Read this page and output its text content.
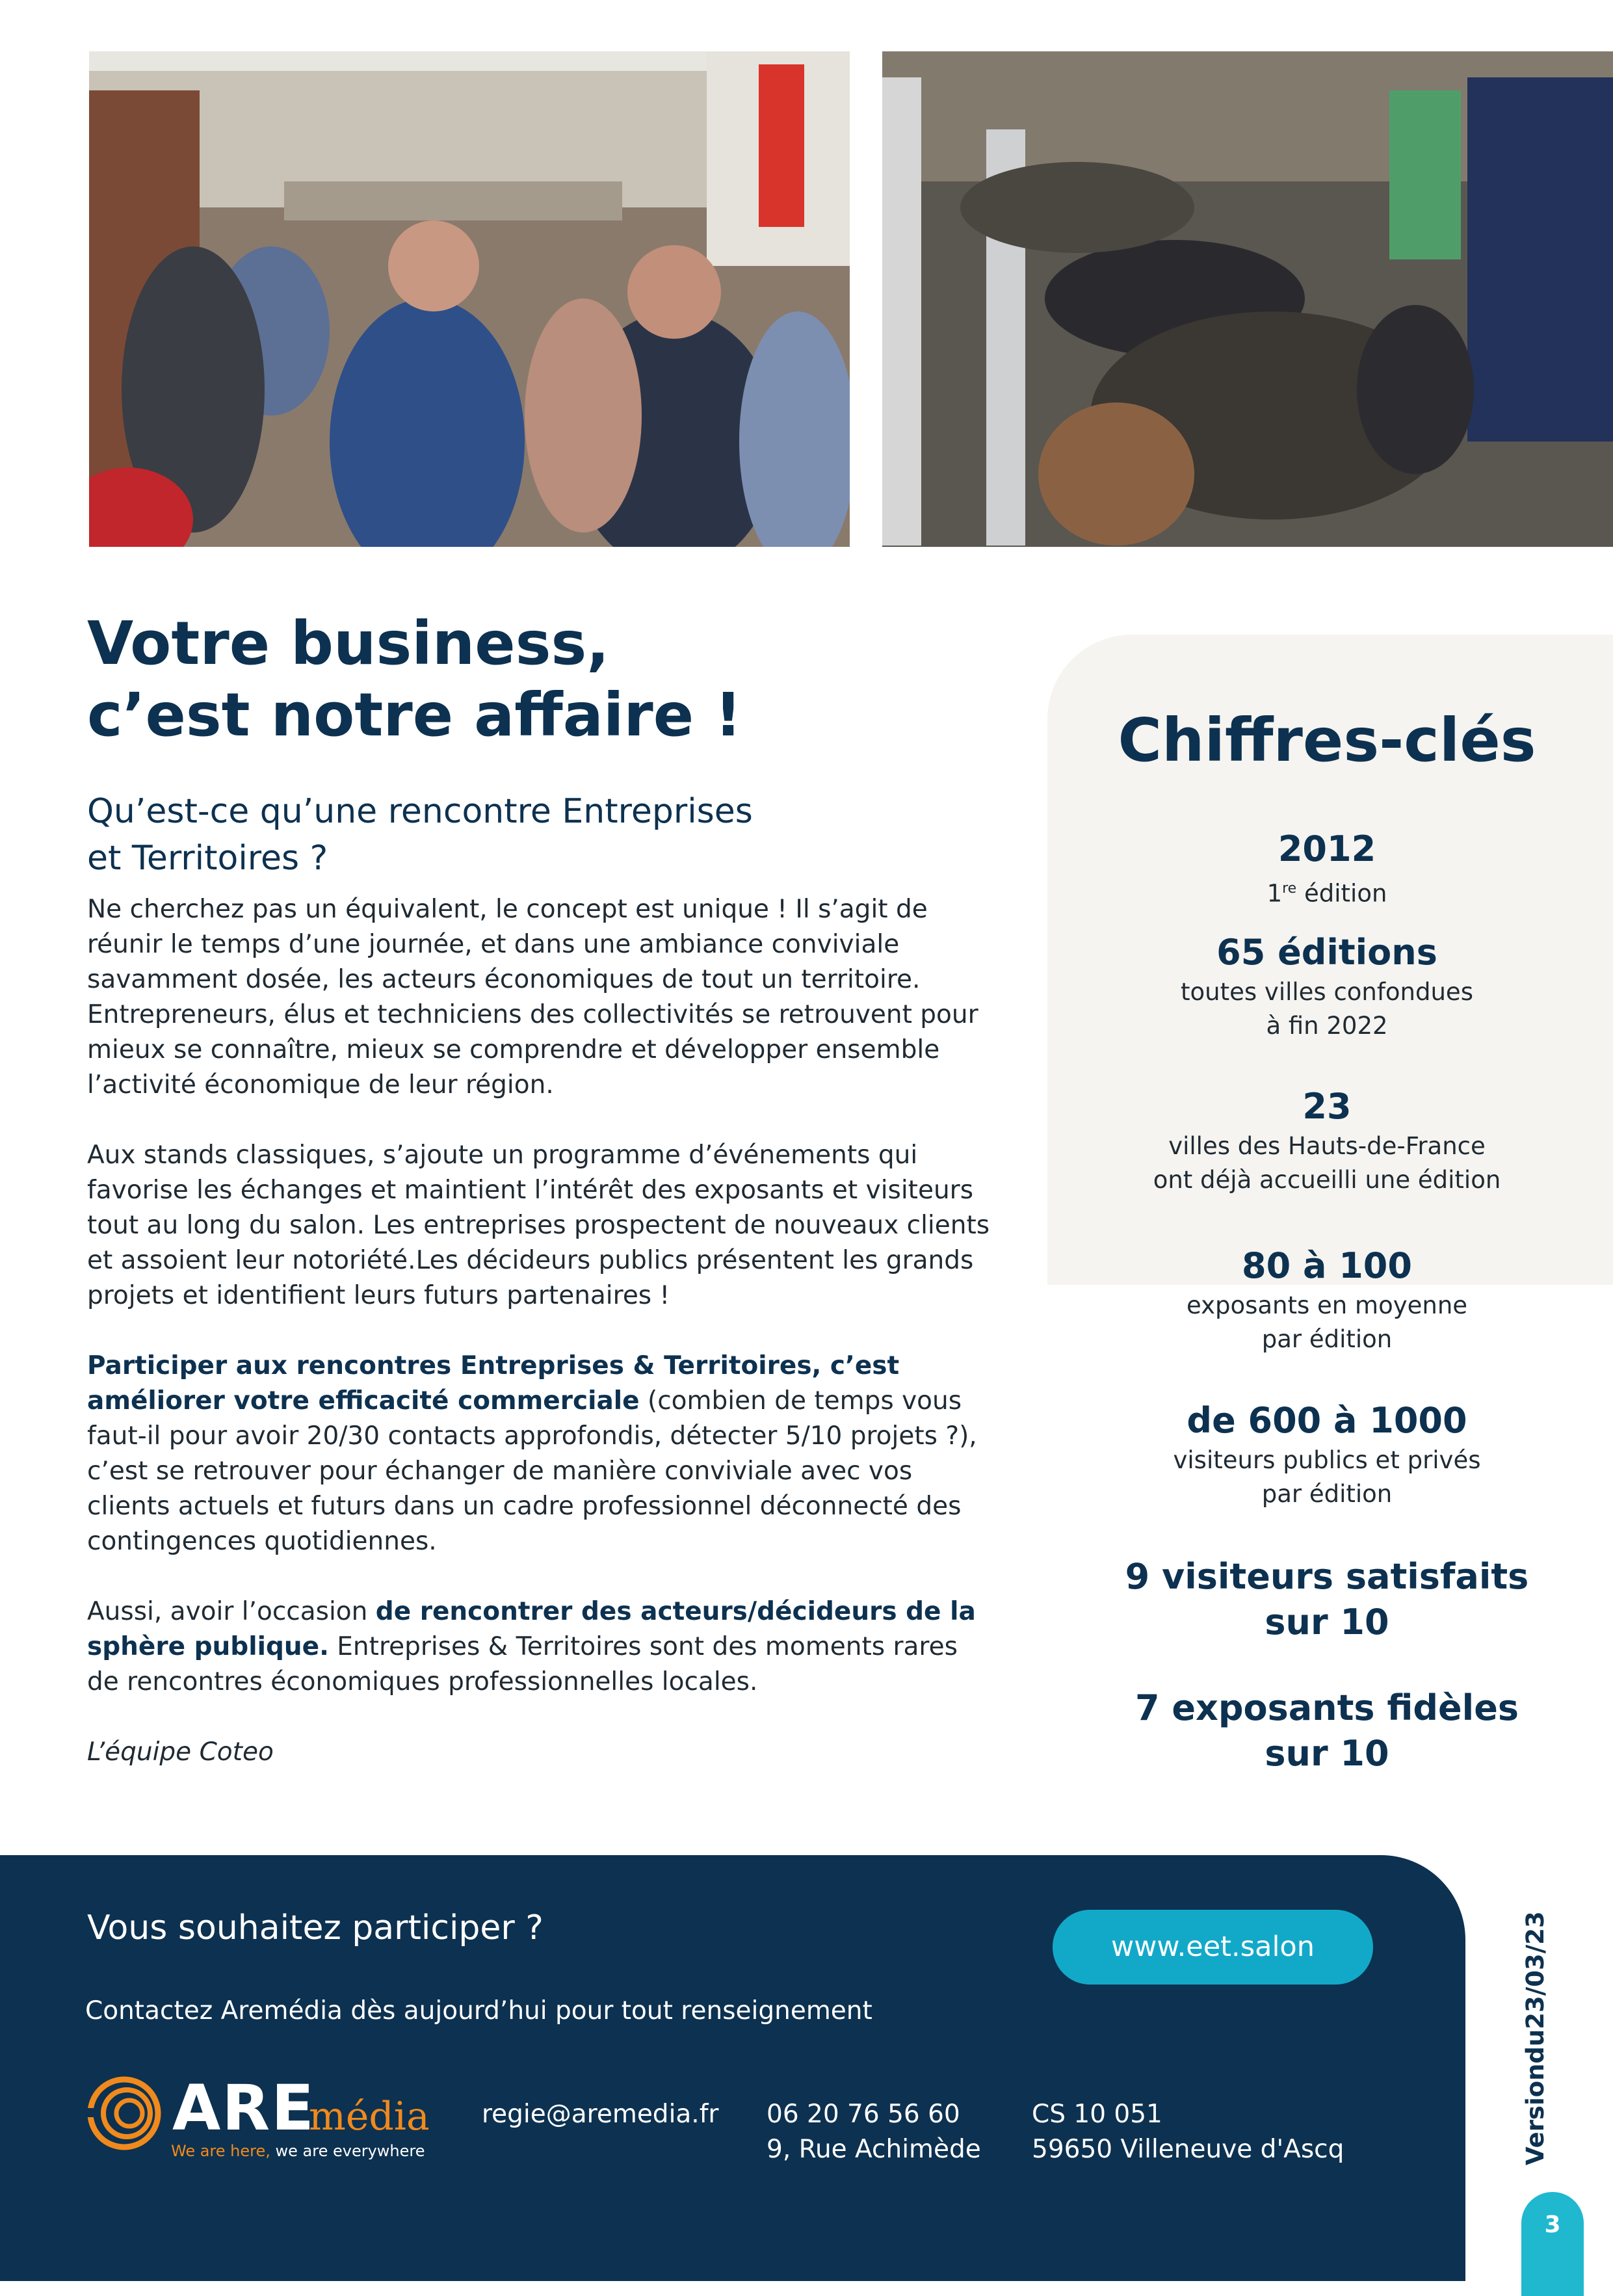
Votre business,
c’est notre affaire !
Qu’est-ce qu’une rencontre Entreprises
et Territoires ?

Ne cherchez pas un équivalent, le concept est unique ! Il s’agit de réunir le temps d’une journée, et dans une ambiance conviviale savamment dosée, les acteurs économiques de tout un territoire. Entrepreneurs, élus et techniciens des collectivités se retrouvent pour mieux se connaître, mieux se comprendre et développer ensemble l’activité économique de leur région.

Aux stands classiques, s’ajoute un programme d’événements qui favorise les échanges et maintient l’intérêt des exposants et visiteurs tout au long du salon. Les entreprises prospectent de nouveaux clients et assoient leur notoriété.Les décideurs publics présentent les grands projets et identifient leurs futurs partenaires !

Participer aux rencontres Entreprises & Territoires, c’est améliorer votre efficacité commerciale (combien de temps vous faut-il pour avoir 20/30 contacts approfondis, détecter 5/10 projets ?), c’est se retrouver pour échanger de manière conviviale avec vos clients actuels et futurs dans un cadre professionnel déconnecté des contingences quotidiennes.

Aussi, avoir l’occasion de rencontrer des acteurs/décideurs de la sphère publique. Entreprises & Territoires sont des moments rares de rencontres économiques professionnelles locales.

L’équipe Coteo

Chiffres-clés
2012
1re édition
65 éditions
toutes villes confondues
à fin 2022
23
villes des Hauts-de-France
ont déjà accueilli une édition
80 à 100
exposants en moyenne
par édition
de 600 à 1000
visiteurs publics et privés
par édition
9 visiteurs satisfaits
sur 10
7 exposants fidèles
sur 10
Vous souhaitez participer ?	www.eet.salon
Contactez Aremédia dès aujourd’hui pour tout renseignement
ARE
média
We are here, we are everywhere
regie@aremedia.fr 06 20 76 56 60
9, Rue Achimède
CS 10 051
59650 Villeneuve d'Ascq	Versiondu23/03/23
3
